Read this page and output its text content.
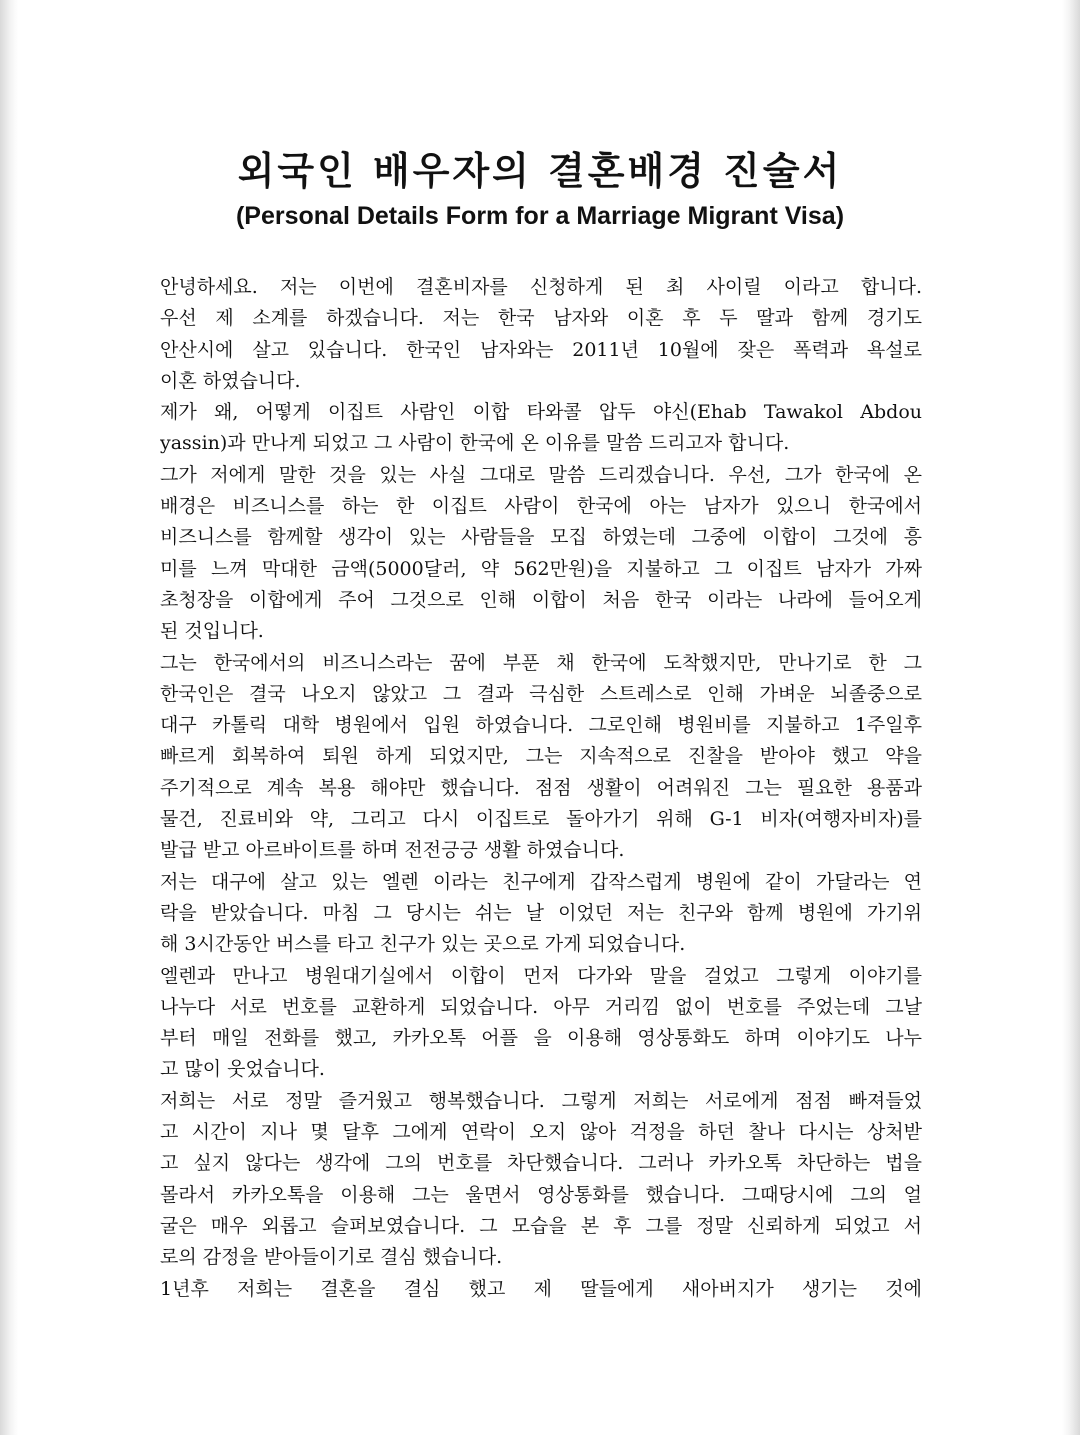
외국인 배우자의 결혼배경 진술서
(Personal Details Form for a Marriage Migrant Visa)
안녕하세요. 저는 이번에 결혼비자를 신청하게 된 최 사이릴 이라고 합니다.
우선 제 소계를 하겠습니다. 저는 한국 남자와 이혼 후 두 딸과 함께 경기도
안산시에 살고 있습니다. 한국인 남자와는 2011년 10월에 잦은 폭력과 욕설로
이혼 하였습니다.
제가 왜, 어떻게 이집트 사람인 이합 타와콜 압두 야신(Ehab Tawakol Abdou
yassin)과 만나게 되었고 그 사람이 한국에 온 이유를 말씀 드리고자 합니다.
그가 저에게 말한 것을 있는 사실 그대로 말씀 드리겠습니다. 우선, 그가 한국에 온
배경은 비즈니스를 하는 한 이집트 사람이 한국에 아는 남자가 있으니 한국에서
비즈니스를 함께할 생각이 있는 사람들을 모집 하였는데 그중에 이합이 그것에 흥
미를 느껴 막대한 금액(5000달러, 약 562만원)을 지불하고 그 이집트 남자가 가짜
초청장을 이합에게 주어 그것으로 인해 이합이 처음 한국 이라는 나라에 들어오게
된 것입니다.
그는 한국에서의 비즈니스라는 꿈에 부푼 채 한국에 도착했지만, 만나기로 한 그
한국인은 결국 나오지 않았고 그 결과 극심한 스트레스로 인해 가벼운 뇌졸중으로
대구 카톨릭 대학 병원에서 입원 하였습니다. 그로인해 병원비를 지불하고 1주일후
빠르게 회복하여 퇴원 하게 되었지만, 그는 지속적으로 진찰을 받아야 했고 약을
주기적으로 계속 복용 해야만 했습니다. 점점 생활이 어려워진 그는 필요한 용품과
물건, 진료비와 약, 그리고 다시 이집트로 돌아가기 위해 G-1 비자(여행자비자)를
발급 받고 아르바이트를 하며 전전긍긍 생활 하였습니다.
저는 대구에 살고 있는 엘렌 이라는 친구에게 갑작스럽게 병원에 같이 가달라는 연
락을 받았습니다. 마침 그 당시는 쉬는 날 이었던 저는 친구와 함께 병원에 가기위
해 3시간동안 버스를 타고 친구가 있는 곳으로 가게 되었습니다.
엘렌과 만나고 병원대기실에서 이합이 먼저 다가와 말을 걸었고 그렇게 이야기를
나누다 서로 번호를 교환하게 되었습니다. 아무 거리낌 없이 번호를 주었는데 그날
부터 매일 전화를 했고, 카카오톡 어플 을 이용해 영상통화도 하며 이야기도 나누
고 많이 웃었습니다.
저희는 서로 정말 즐거웠고 행복했습니다. 그렇게 저희는 서로에게 점점 빠져들었
고 시간이 지나 몇 달후 그에게 연락이 오지 않아 걱정을 하던 찰나 다시는 상처받
고 싶지 않다는 생각에 그의 번호를 차단했습니다. 그러나 카카오톡 차단하는 법을
몰라서 카카오톡을 이용해 그는 울면서 영상통화를 했습니다. 그때당시에 그의 얼
굴은 매우 외롭고 슬퍼보였습니다. 그 모습을 본 후 그를 정말 신뢰하게 되었고 서
로의 감정을 받아들이기로 결심 했습니다.
1년후 저희는 결혼을 결심 했고 제 딸들에게 새아버지가 생기는 것에
